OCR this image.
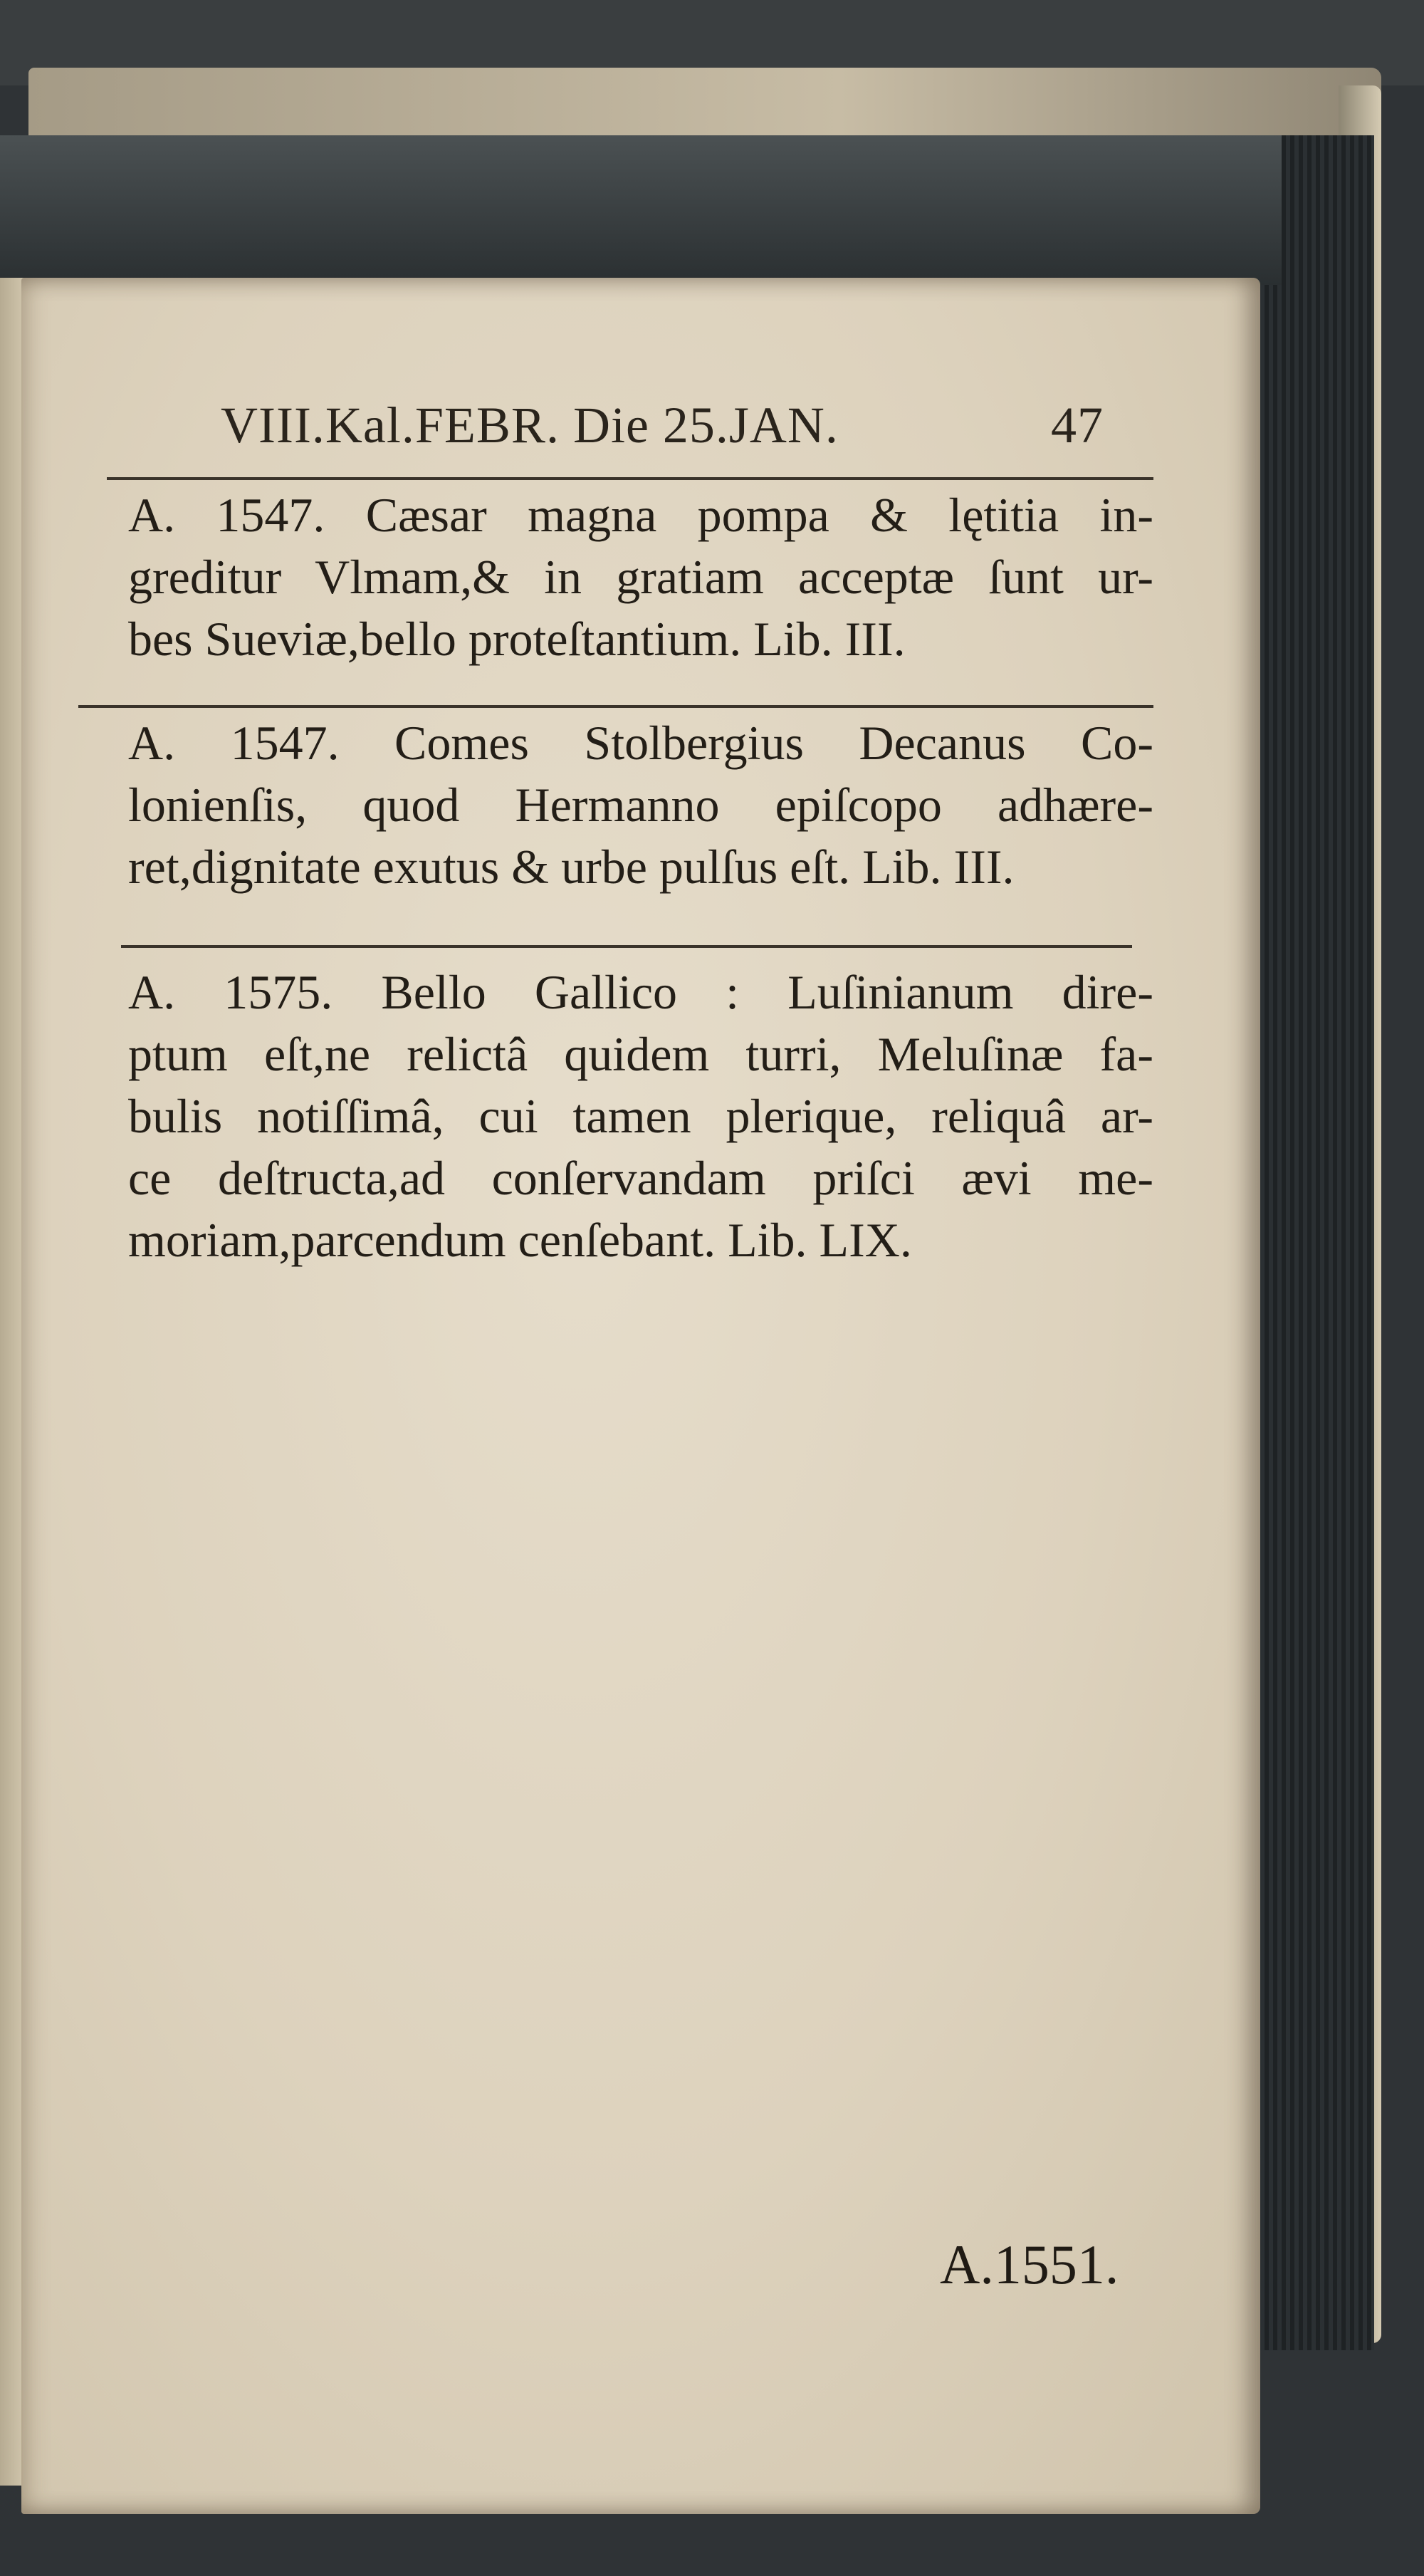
VIII.Kal.FEBR. Die 25.JAN.	47
A. 1547. Cæsar magna pompa & lętitia in-
greditur Vlmam,& in gratiam acceptæ ſunt ur-
bes Sueviæ,bello proteſtantium. Lib. III.
A. 1547. Comes Stolbergius Decanus Co-
lonienſis, quod Hermanno epiſcopo adhære-
ret,dignitate exutus & urbe pulſus eſt. Lib. III.
A. 1575. Bello Gallico : Luſinianum dire-
ptum eſt,ne relictâ quidem turri, Meluſinæ fa-
bulis notiſſimâ, cui tamen plerique, reliquâ ar-
ce deſtructa,ad conſervandam priſci ævi me-
moriam,parcendum cenſebant. Lib. LIX.
A.1551.
